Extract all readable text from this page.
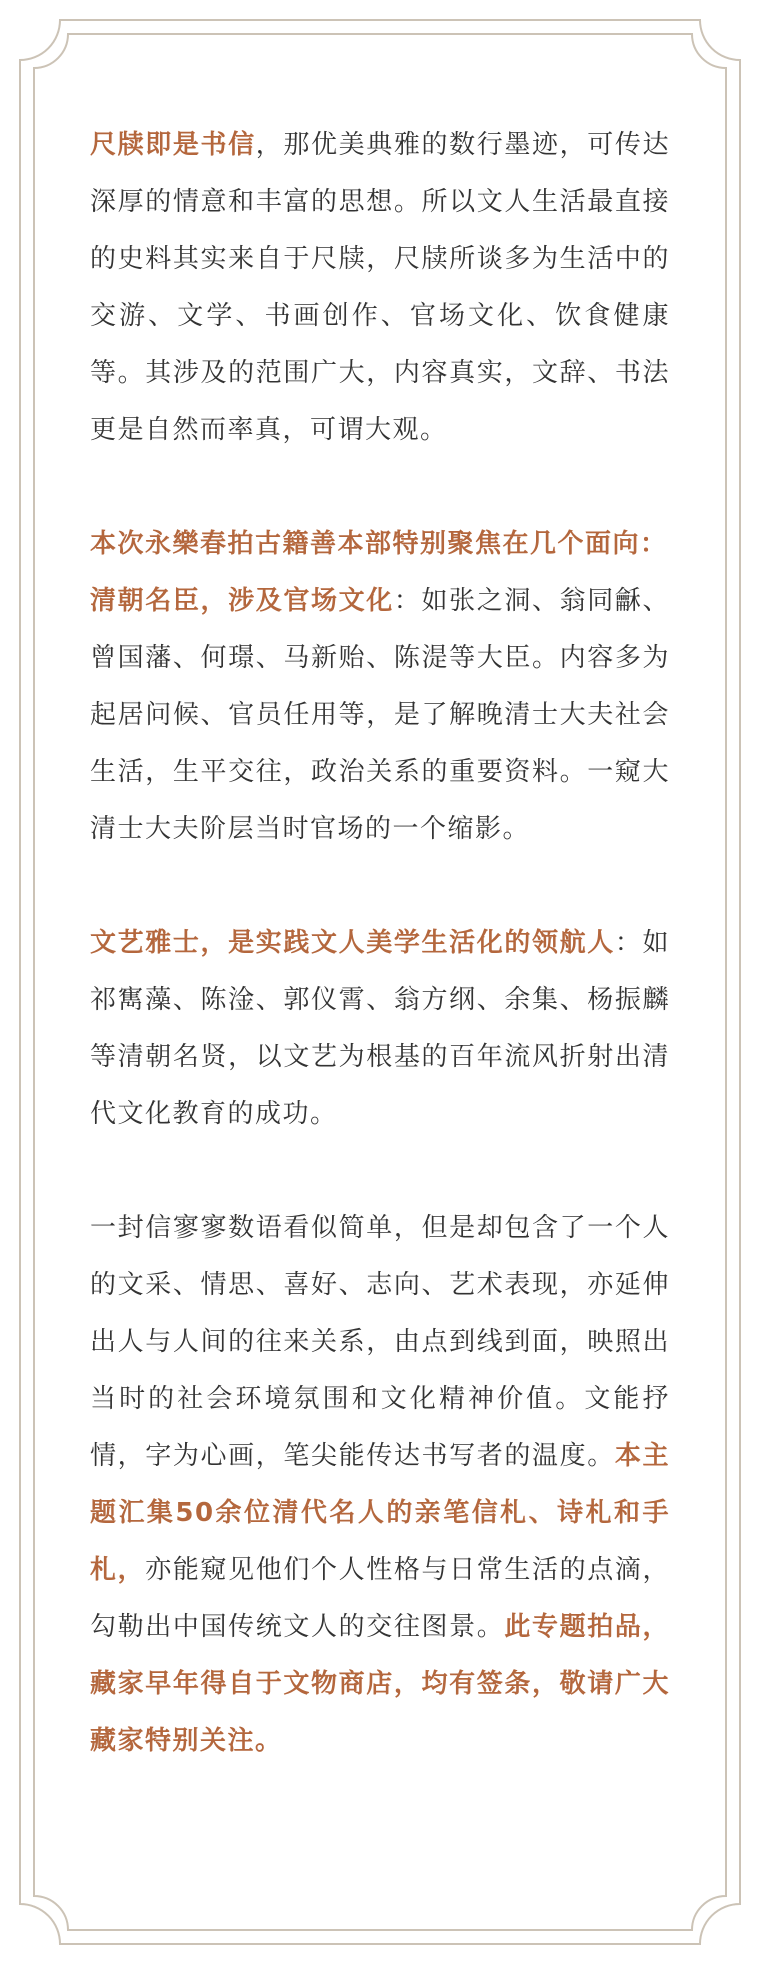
尺牍即是书信，那优美典雅的数行墨迹，可传达深厚的情意和丰富的思想。所以文人生活最直接的史料其实来自于尺牍，尺牍所谈多为生活中的交游、文学、书画创作、官场文化、饮食健康等。其涉及的范围广大，内容真实，文辞、书法更是自然而率真，可谓大观。

本次永樂春拍古籍善本部特别聚焦在几个面向：

清朝名臣，涉及官场文化：如张之洞、翁同龢、曾国藩、何璟、马新贻、陈湜等大臣。内容多为起居问候、官员任用等，是了解晚清士大夫社会生活，生平交往，政治关系的重要资料。一窥大清士大夫阶层当时官场的一个缩影。

文艺雅士，是实践文人美学生活化的领航人：如祁寯藻、陈淦、郭仪霄、翁方纲、余集、杨振麟等清朝名贤，以文艺为根基的百年流风折射出清代文化教育的成功。

一封信寥寥数语看似简单，但是却包含了一个人的文采、情思、喜好、志向、艺术表现，亦延伸出人与人间的往来关系，由点到线到面，映照出当时的社会环境氛围和文化精神价值。文能抒情，字为心画，笔尖能传达书写者的温度。本主题汇集50余位清代名人的亲笔信札、诗札和手札，亦能窥见他们个人性格与日常生活的点滴，勾勒出中国传统文人的交往图景。此专题拍品，藏家早年得自于文物商店，均有签条，敬请广大藏家特别关注。
